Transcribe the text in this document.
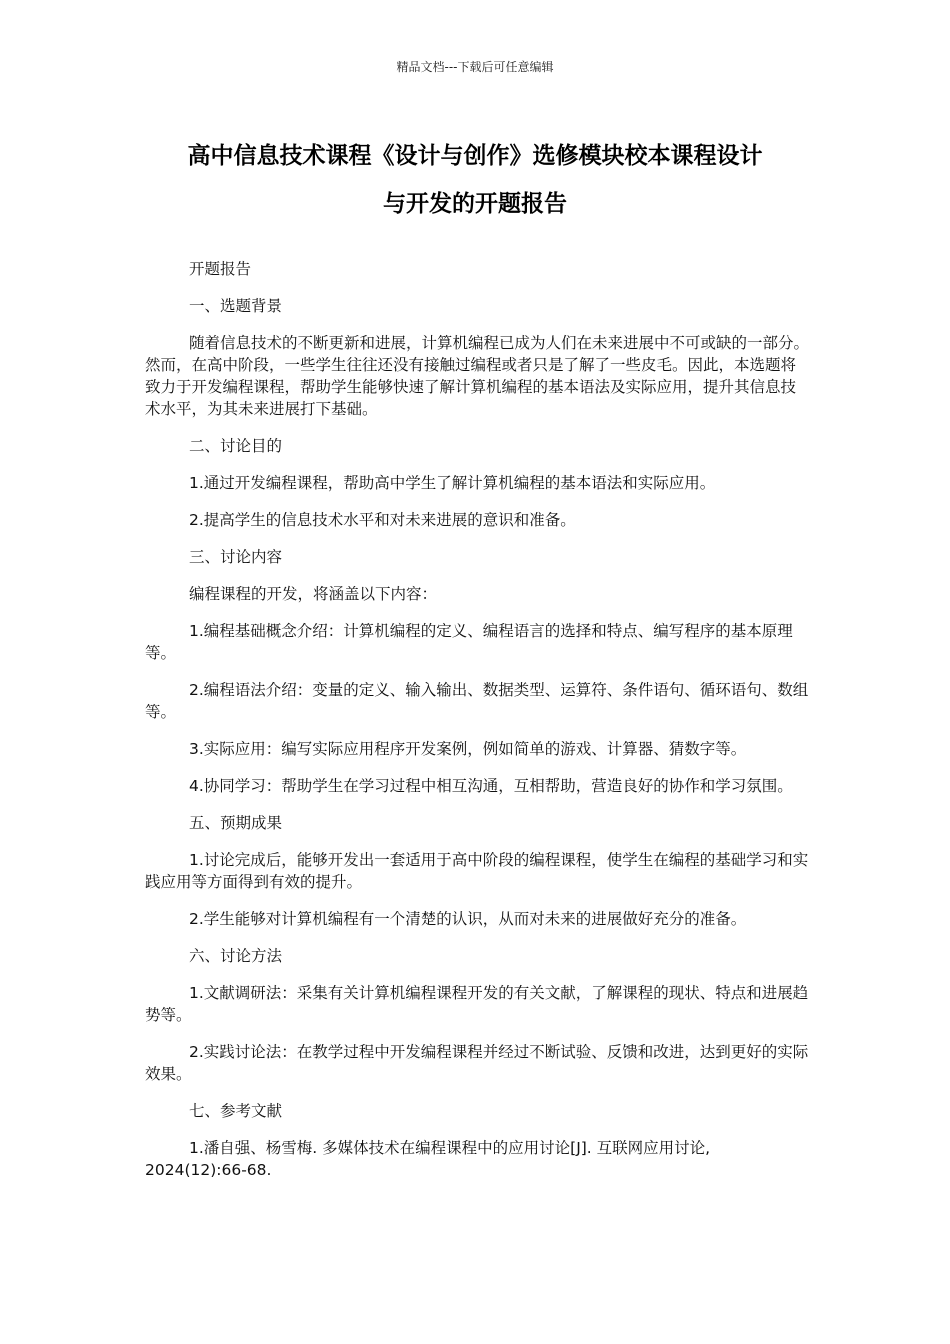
精品文档---下载后可任意编辑
高中信息技术课程《设计与创作》选修模块校本课程设计
与开发的开题报告

开题报告

一、选题背景

随着信息技术的不断更新和进展，计算机编程已成为人们在未来进展中不可或缺的一部分。然而，在高中阶段，一些学生往往还没有接触过编程或者只是了解了一些皮毛。因此，本选题将致力于开发编程课程，帮助学生能够快速了解计算机编程的基本语法及实际应用，提升其信息技术水平，为其未来进展打下基础。

二、讨论目的

1.通过开发编程课程，帮助高中学生了解计算机编程的基本语法和实际应用。

2.提高学生的信息技术水平和对未来进展的意识和准备。

三、讨论内容

编程课程的开发，将涵盖以下内容：

1.编程基础概念介绍：计算机编程的定义、编程语言的选择和特点、编写程序的基本原理等。

2.编程语法介绍：变量的定义、输入输出、数据类型、运算符、条件语句、循环语句、数组等。

3.实际应用：编写实际应用程序开发案例，例如简单的游戏、计算器、猜数字等。

4.协同学习：帮助学生在学习过程中相互沟通，互相帮助，营造良好的协作和学习氛围。

五、预期成果

1.讨论完成后，能够开发出一套适用于高中阶段的编程课程，使学生在编程的基础学习和实践应用等方面得到有效的提升。

2.学生能够对计算机编程有一个清楚的认识，从而对未来的进展做好充分的准备。

六、讨论方法

1.文献调研法：采集有关计算机编程课程开发的有关文献，了解课程的现状、特点和进展趋势等。

2.实践讨论法：在教学过程中开发编程课程并经过不断试验、反馈和改进，达到更好的实际效果。

七、参考文献

1.潘自强、杨雪梅. 多媒体技术在编程课程中的应用讨论[J]. 互联网应用讨论, 2024(12):66-68.
